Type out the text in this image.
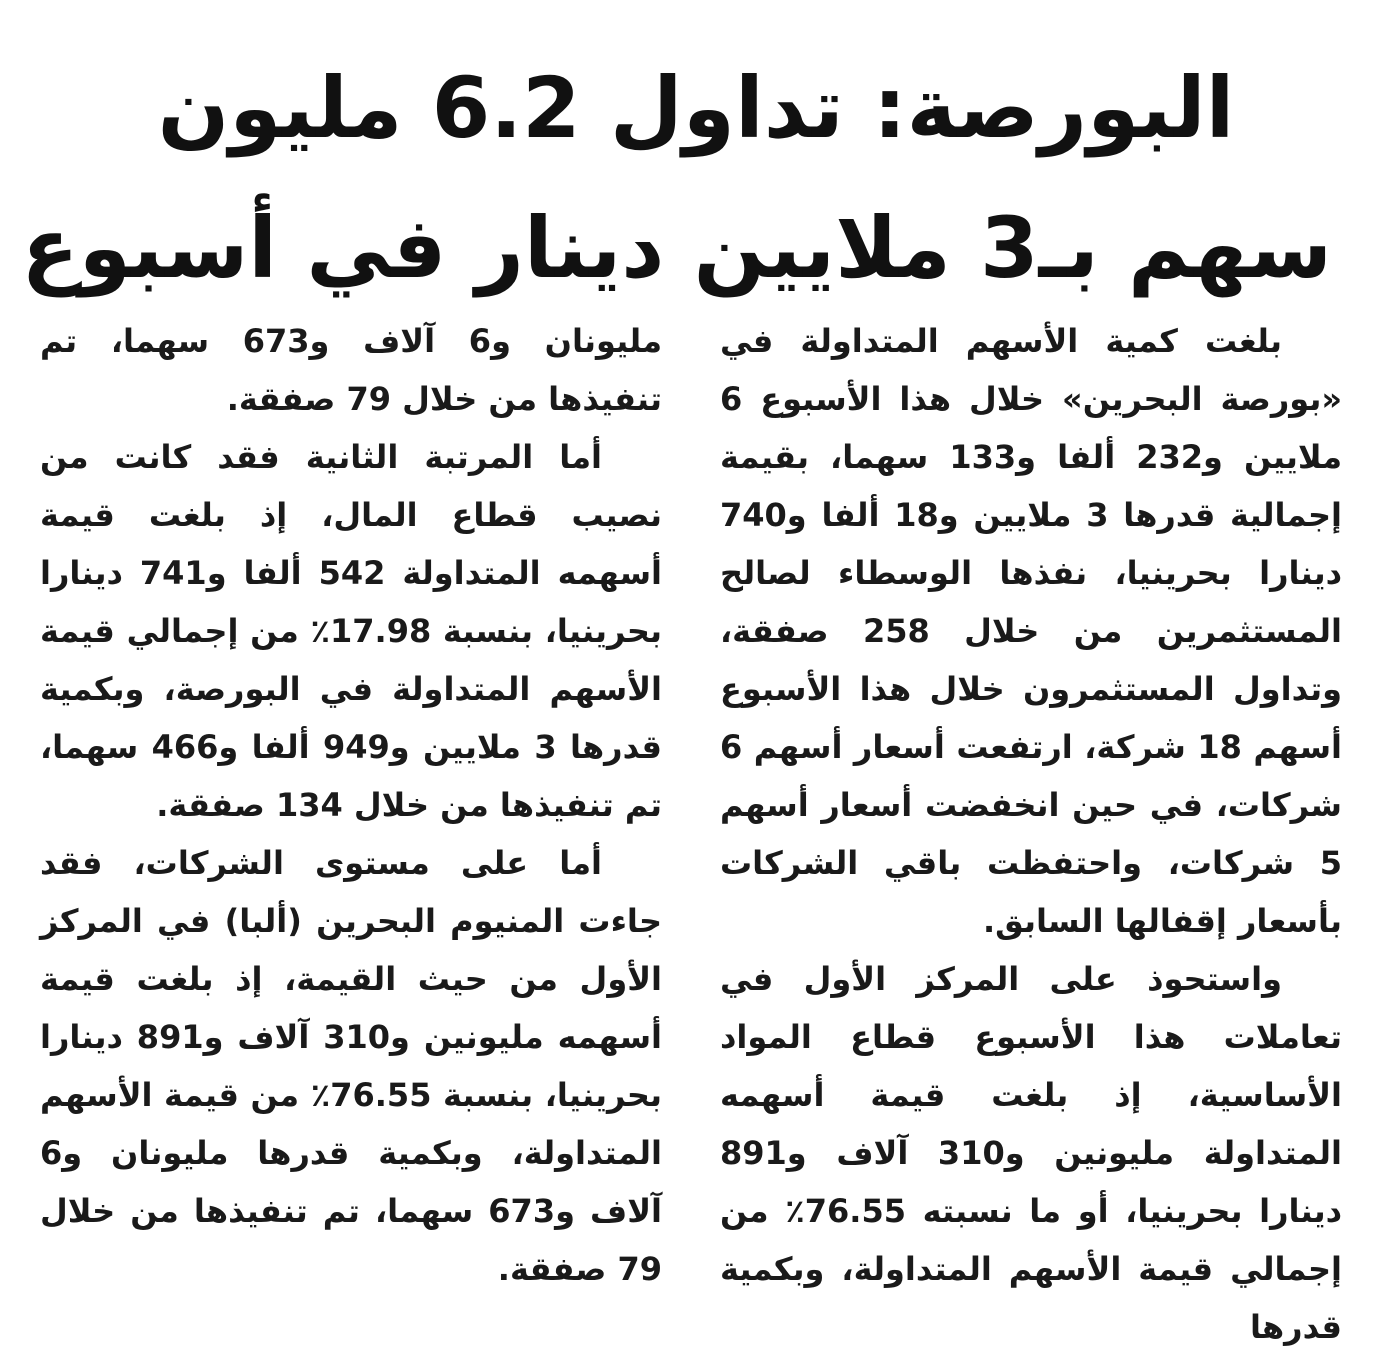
البورصة: تداول 6.2 مليون
سهم بـ3 ملايين دينار في أسبوع

بلغت كمية الأسهم المتداولة في «بورصة البحرين» خلال هذا الأسبوع 6 ملايين و232 ألفا و133 سهما، بقيمة إجمالية قدرها 3 ملايين و18 ألفا و740 دينارا بحرينيا، نفذها الوسطاء لصالح المستثمرين من خلال 258 صفقة، وتداول المستثمرون خلال هذا الأسبوع أسهم 18 شركة، ارتفعت أسعار أسهم 6 شركات، في حين انخفضت أسعار أسهم 5 شركات، واحتفظت باقي الشركات بأسعار إقفالها السابق.

واستحوذ على المركز الأول في تعاملات هذا الأسبوع قطاع المواد الأساسية، إذ بلغت قيمة أسهمه المتداولة مليونين و310 آلاف و891 دينارا بحرينيا، أو ما نسبته 76.55٪ من إجمالي قيمة الأسهم المتداولة، وبكمية قدرها

مليونان و6 آلاف و673 سهما، تم تنفيذها من خلال 79 صفقة.

أما المرتبة الثانية فقد كانت من نصيب قطاع المال، إذ بلغت قيمة أسهمه المتداولة 542 ألفا و741 دينارا بحرينيا، بنسبة 17.98٪ من إجمالي قيمة الأسهم المتداولة في البورصة، وبكمية قدرها 3 ملايين و949 ألفا و466 سهما، تم تنفيذها من خلال 134 صفقة.

أما على مستوى الشركات، فقد جاءت المنيوم البحرين (ألبا) في المركز الأول من حيث القيمة، إذ بلغت قيمة أسهمه مليونين و310 آلاف و891 دينارا بحرينيا، بنسبة 76.55٪ من قيمة الأسهم المتداولة، وبكمية قدرها مليونان و6 آلاف و673 سهما، تم تنفيذها من خلال 79 صفقة.
